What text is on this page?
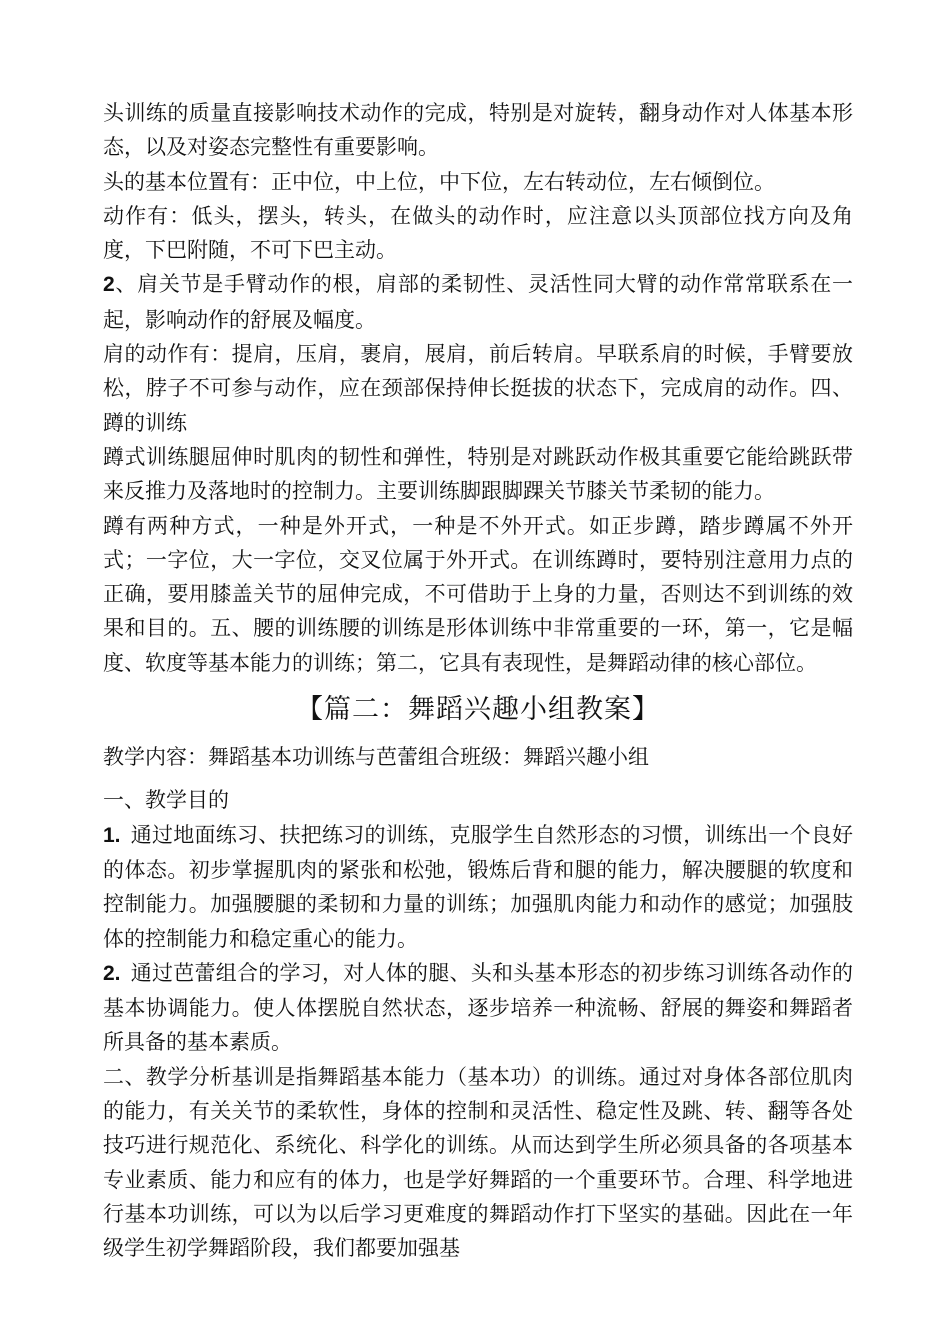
头训练的质量直接影响技术动作的完成，特别是对旋转，翻身动作对人体基本形态，以及对姿态完整性有重要影响。

头的基本位置有：正中位，中上位，中下位，左右转动位，左右倾倒位。

动作有：低头，摆头，转头，在做头的动作时，应注意以头顶部位找方向及角度，下巴附随，不可下巴主动。

2、肩关节是手臂动作的根，肩部的柔韧性、灵活性同大臂的动作常常联系在一起，影响动作的舒展及幅度。

肩的动作有：提肩，压肩，裹肩，展肩，前后转肩。早联系肩的时候，手臂要放松，脖子不可参与动作，应在颈部保持伸长挺拔的状态下，完成肩的动作。四、蹲的训练

蹲式训练腿屈伸时肌肉的韧性和弹性，特别是对跳跃动作极其重要它能给跳跃带来反推力及落地时的控制力。主要训练脚跟脚踝关节膝关节柔韧的能力。

蹲有两种方式，一种是外开式，一种是不外开式。如正步蹲，踏步蹲属不外开式；一字位，大一字位，交叉位属于外开式。在训练蹲时，要特别注意用力点的正确，要用膝盖关节的屈伸完成，不可借助于上身的力量，否则达不到训练的效果和目的。五、腰的训练腰的训练是形体训练中非常重要的一环，第一，它是幅度、软度等基本能力的训练；第二，它具有表现性，是舞蹈动律的核心部位。

【篇二：舞蹈兴趣小组教案】

教学内容：舞蹈基本功训练与芭蕾组合班级：舞蹈兴趣小组

一、教学目的

1. 通过地面练习、扶把练习的训练，克服学生自然形态的习惯，训练出一个良好的体态。初步掌握肌肉的紧张和松弛，锻炼后背和腿的能力，解决腰腿的软度和控制能力。加强腰腿的柔韧和力量的训练；加强肌肉能力和动作的感觉；加强肢体的控制能力和稳定重心的能力。

2. 通过芭蕾组合的学习，对人体的腿、头和头基本形态的初步练习训练各动作的基本协调能力。使人体摆脱自然状态，逐步培养一种流畅、舒展的舞姿和舞蹈者所具备的基本素质。

二、教学分析基训是指舞蹈基本能力（基本功）的训练。通过对身体各部位肌肉的能力，有关关节的柔软性，身体的控制和灵活性、稳定性及跳、转、翻等各处技巧进行规范化、系统化、科学化的训练。从而达到学生所必须具备的各项基本专业素质、能力和应有的体力，也是学好舞蹈的一个重要环节。合理、科学地进行基本功训练，可以为以后学习更难度的舞蹈动作打下坚实的基础。因此在一年级学生初学舞蹈阶段，我们都要加强基
